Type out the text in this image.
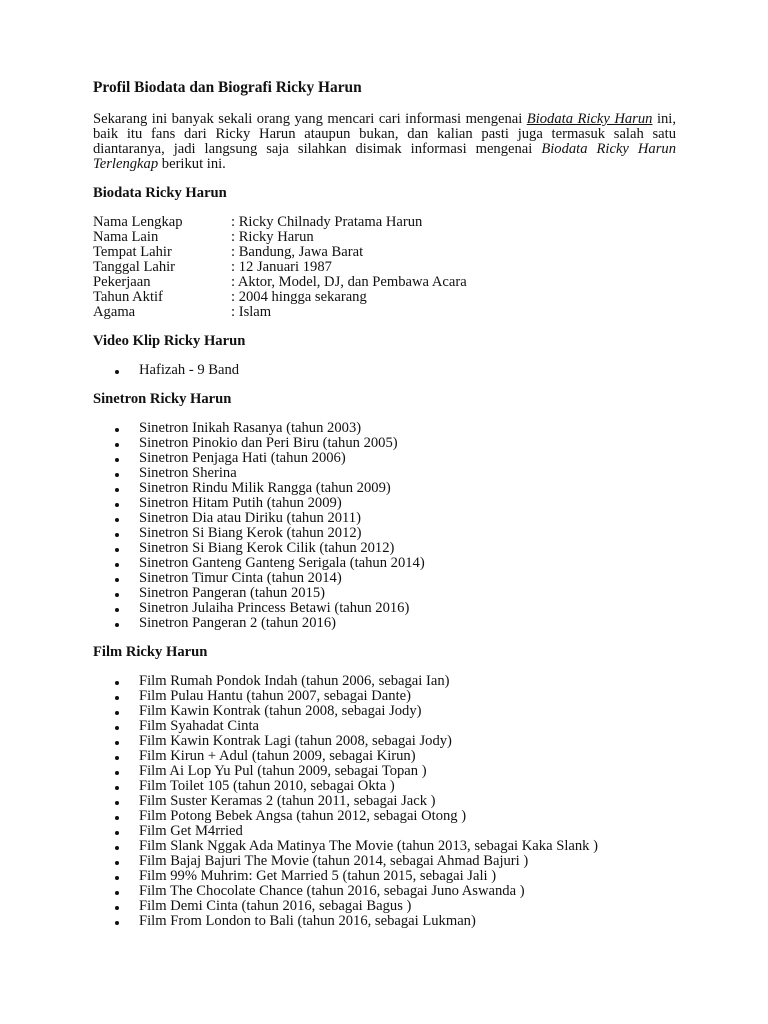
Profil Biodata dan Biografi Ricky Harun

Sekarang ini banyak sekali orang yang mencari cari informasi mengenai Biodata Ricky Harun ini, baik itu fans dari Ricky Harun ataupun bukan, dan kalian pasti juga termasuk salah satu diantaranya, jadi langsung saja silahkan disimak informasi mengenai Biodata Ricky Harun Terlengkap berikut ini.

Biodata Ricky Harun
Nama Lengkap	: Ricky Chilnady Pratama Harun
Nama Lain	: Ricky Harun
Tempat Lahir	: Bandung, Jawa Barat
Tanggal Lahir	: 12 Januari 1987
Pekerjaan	: Aktor, Model, DJ, dan Pembawa Acara
Tahun Aktif	: 2004 hingga sekarang
Agama	: Islam
Video Klip Ricky Harun
Hafizah - 9 Band
Sinetron Ricky Harun
Sinetron Inikah Rasanya (tahun 2003)
Sinetron Pinokio dan Peri Biru (tahun 2005)
Sinetron Penjaga Hati (tahun 2006)
Sinetron Sherina
Sinetron Rindu Milik Rangga (tahun 2009)
Sinetron Hitam Putih (tahun 2009)
Sinetron Dia atau Diriku (tahun 2011)
Sinetron Si Biang Kerok (tahun 2012)
Sinetron Si Biang Kerok Cilik (tahun 2012)
Sinetron Ganteng Ganteng Serigala (tahun 2014)
Sinetron Timur Cinta (tahun 2014)
Sinetron Pangeran (tahun 2015)
Sinetron Julaiha Princess Betawi (tahun 2016)
Sinetron Pangeran 2 (tahun 2016)
Film Ricky Harun
Film Rumah Pondok Indah (tahun 2006, sebagai Ian)
Film Pulau Hantu (tahun 2007, sebagai Dante)
Film Kawin Kontrak (tahun 2008, sebagai Jody)
Film Syahadat Cinta
Film Kawin Kontrak Lagi (tahun 2008, sebagai Jody)
Film Kirun + Adul (tahun 2009, sebagai Kirun)
Film Ai Lop Yu Pul (tahun 2009, sebagai Topan )
Film Toilet 105 (tahun 2010, sebagai Okta )
Film Suster Keramas 2 (tahun 2011, sebagai Jack )
Film Potong Bebek Angsa (tahun 2012, sebagai Otong )
Film Get M4rried
Film Slank Nggak Ada Matinya The Movie (tahun 2013, sebagai Kaka Slank )
Film Bajaj Bajuri The Movie (tahun 2014, sebagai Ahmad Bajuri )
Film 99% Muhrim: Get Married 5 (tahun 2015, sebagai Jali )
Film The Chocolate Chance (tahun 2016, sebagai Juno Aswanda )
Film Demi Cinta (tahun 2016, sebagai Bagus )
Film From London to Bali (tahun 2016, sebagai Lukman)
